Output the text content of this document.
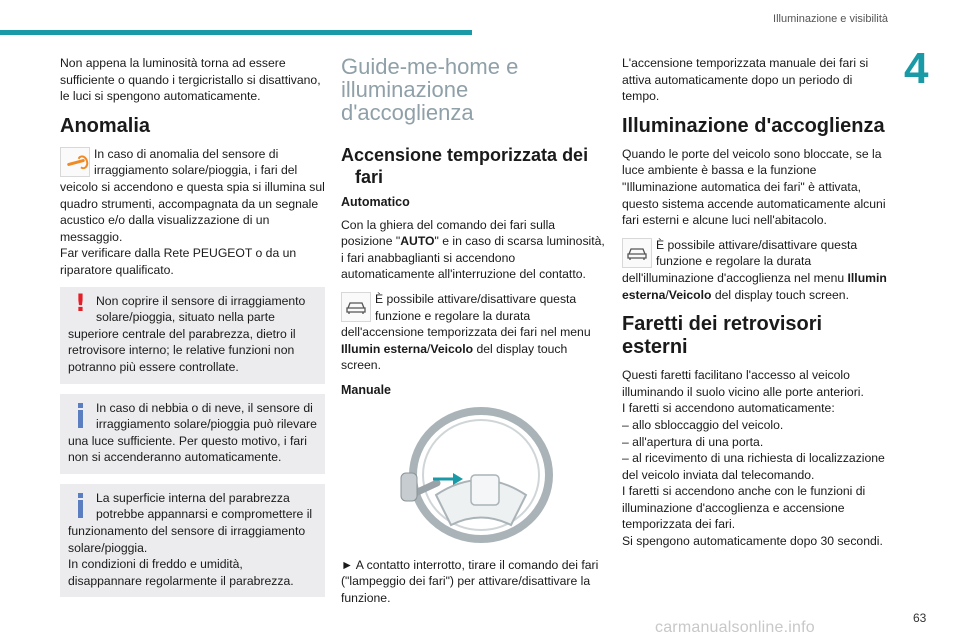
Illuminazione e visibilità
4

Non appena la luminosità torna ad essere sufficiente o quando i tergicristallo si disattivano, le luci si spengono automaticamente.

Anomalia
In caso di anomalia del sensore di irraggiamento solare/pioggia, i fari del veicolo si accendono e questa spia si illumina sul quadro strumenti, accompagnata da un segnale acustico e/o dalla visualizzazione di un messaggio.
Far verificare dalla Rete PEUGEOT o da un riparatore qualificato.
! Non coprire il sensore di irraggiamento solare/pioggia, situato nella parte superiore centrale del parabrezza, dietro il retrovisore interno; le relative funzioni non potranno più essere controllate.
In caso di nebbia o di neve, il sensore di irraggiamento solare/pioggia può rilevare una luce sufficiente. Per questo motivo, i fari non si accenderanno automaticamente.
La superficie interna del parabrezza potrebbe appannarsi e compromettere il funzionamento del sensore di irraggiamento solare/pioggia.
In condizioni di freddo e umidità, disappannare regolarmente il parabrezza.
Guide-me-home e illuminazione d'accoglienza
Accensione temporizzata dei fari
Automatico

Con la ghiera del comando dei fari sulla posizione "AUTO" e in caso di scarsa luminosità, i fari anabbaglianti si accendono automaticamente all'interruzione del contatto.

È possibile attivare/disattivare questa funzione e regolare la durata dell'accensione temporizzata dei fari nel menu Illumin esterna/Veicolo del display touch screen.
Manuale

► A contatto interrotto, tirare il comando dei fari ("lampeggio dei fari") per attivare/disattivare la funzione.

L'accensione temporizzata manuale dei fari si attiva automaticamente dopo un periodo di tempo.

Illuminazione d'accoglienza

Quando le porte del veicolo sono bloccate, se la luce ambiente è bassa e la funzione "Illuminazione automatica dei fari" è attivata, questo sistema accende automaticamente alcuni fari esterni e alcune luci nell'abitacolo.

È possibile attivare/disattivare questa funzione e regolare la durata dell'illuminazione d'accoglienza nel menu Illumin esterna/Veicolo del display touch screen.
Faretti dei retrovisori esterni
Questi faretti facilitano l'accesso al veicolo illuminando il suolo vicino alle porte anteriori.
I faretti si accendono automaticamente:
– allo sbloccaggio del veicolo.
– all'apertura di una porta.
– al ricevimento di una richiesta di localizzazione del veicolo inviata dal telecomando.
I faretti si accendono anche con le funzioni di illuminazione d'accoglienza e accensione temporizzata dei fari.
Si spengono automaticamente dopo 30 secondi.
carmanualsonline.info
63
